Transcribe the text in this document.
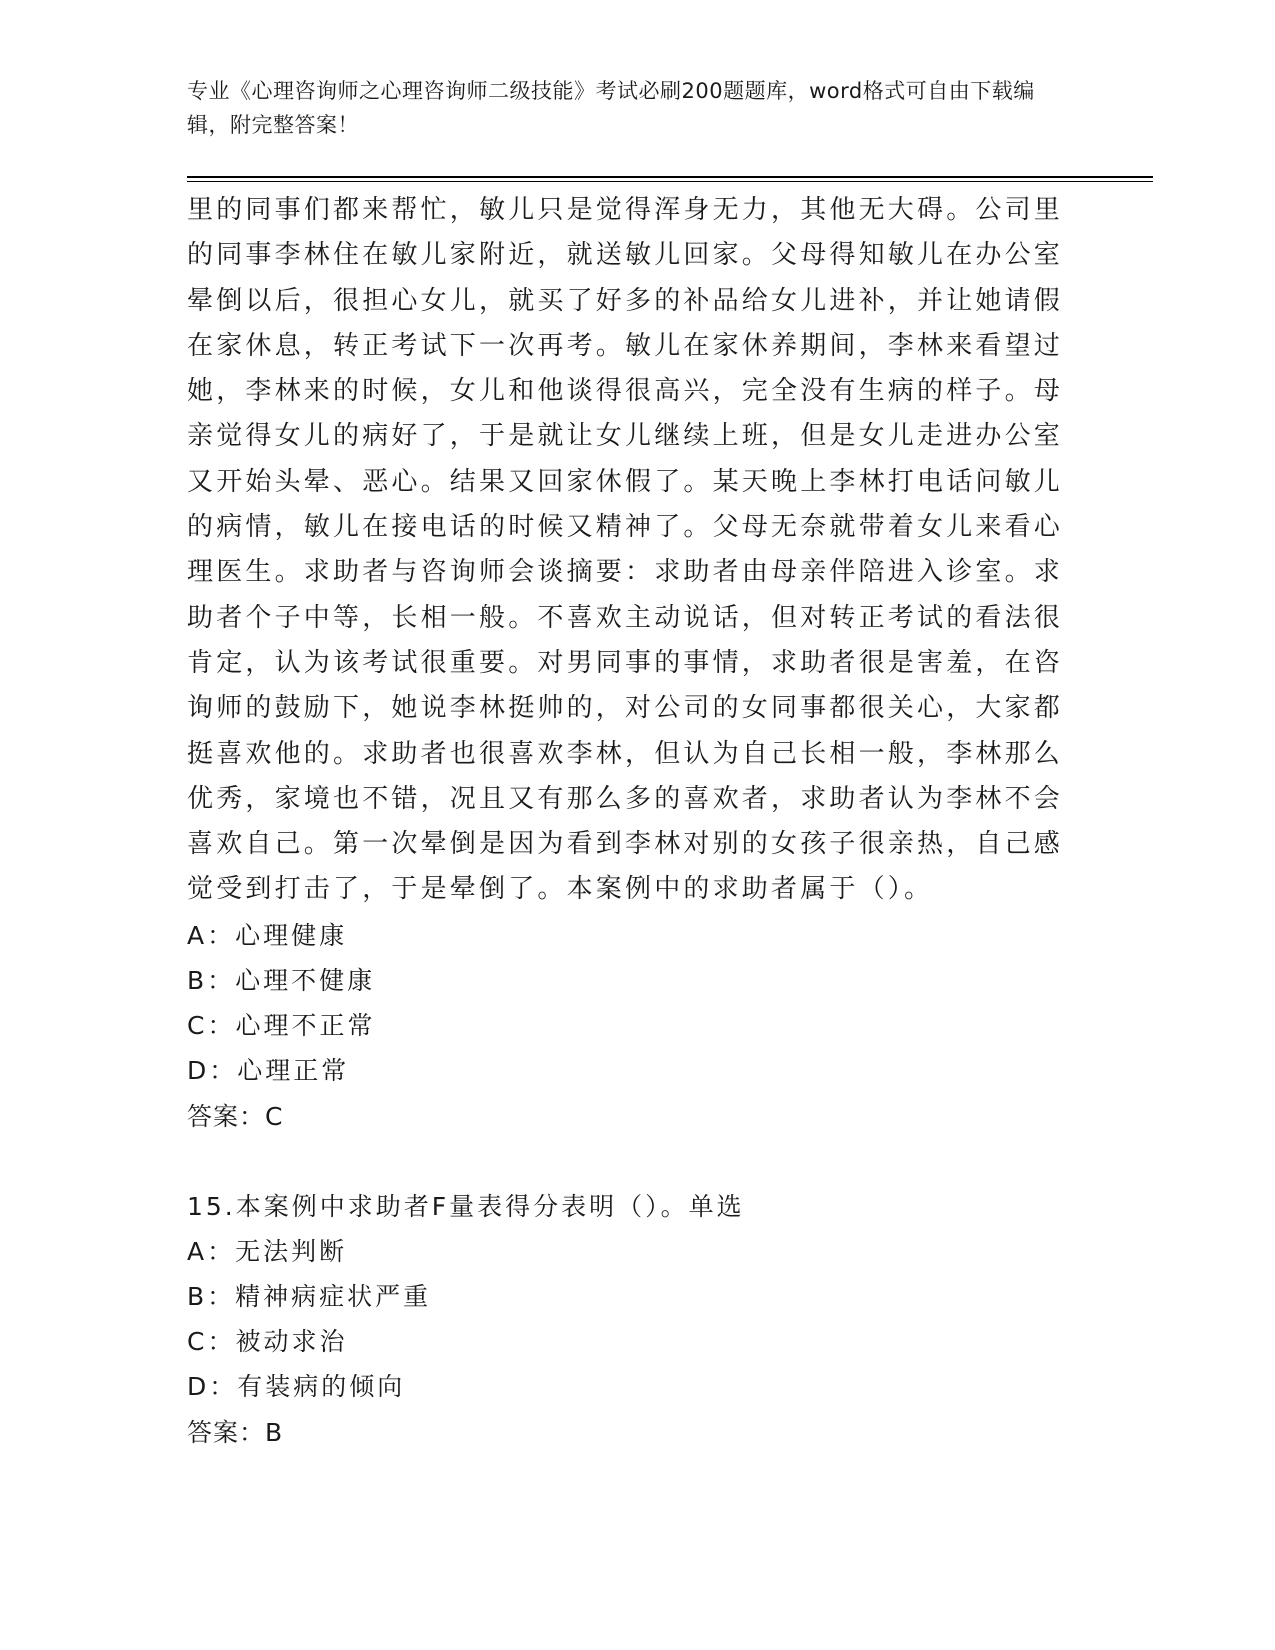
专业《心理咨询师之心理咨询师二级技能》考试必刷200题题库，word格式可自由下载编辑，附完整答案！

里的同事们都来帮忙，敏儿只是觉得浑身无力，其他无大碍。公司里的同事李林住在敏儿家附近，就送敏儿回家。父母得知敏儿在办公室晕倒以后，很担心女儿，就买了好多的补品给女儿进补，并让她请假在家休息，转正考试下一次再考。敏儿在家休养期间，李林来看望过她，李林来的时候，女儿和他谈得很高兴，完全没有生病的样子。母亲觉得女儿的病好了，于是就让女儿继续上班，但是女儿走进办公室又开始头晕、恶心。结果又回家休假了。某天晚上李林打电话问敏儿的病情，敏儿在接电话的时候又精神了。父母无奈就带着女儿来看心理医生。求助者与咨询师会谈摘要：求助者由母亲伴陪进入诊室。求助者个子中等，长相一般。不喜欢主动说话，但对转正考试的看法很肯定，认为该考试很重要。对男同事的事情，求助者很是害羞，在咨询师的鼓励下，她说李林挺帅的，对公司的女同事都很关心，大家都挺喜欢他的。求助者也很喜欢李林，但认为自己长相一般，李林那么优秀，家境也不错，况且又有那么多的喜欢者，求助者认为李林不会喜欢自己。第一次晕倒是因为看到李林对别的女孩子很亲热，自己感觉受到打击了，于是晕倒了。本案例中的求助者属于（）。

A：心理健康
B：心理不健康
C：心理不正常
D：心理正常
答案：C
15.本案例中求助者F量表得分表明（）。单选
A：无法判断
B：精神病症状严重
C：被动求治
D：有装病的倾向
答案：B
